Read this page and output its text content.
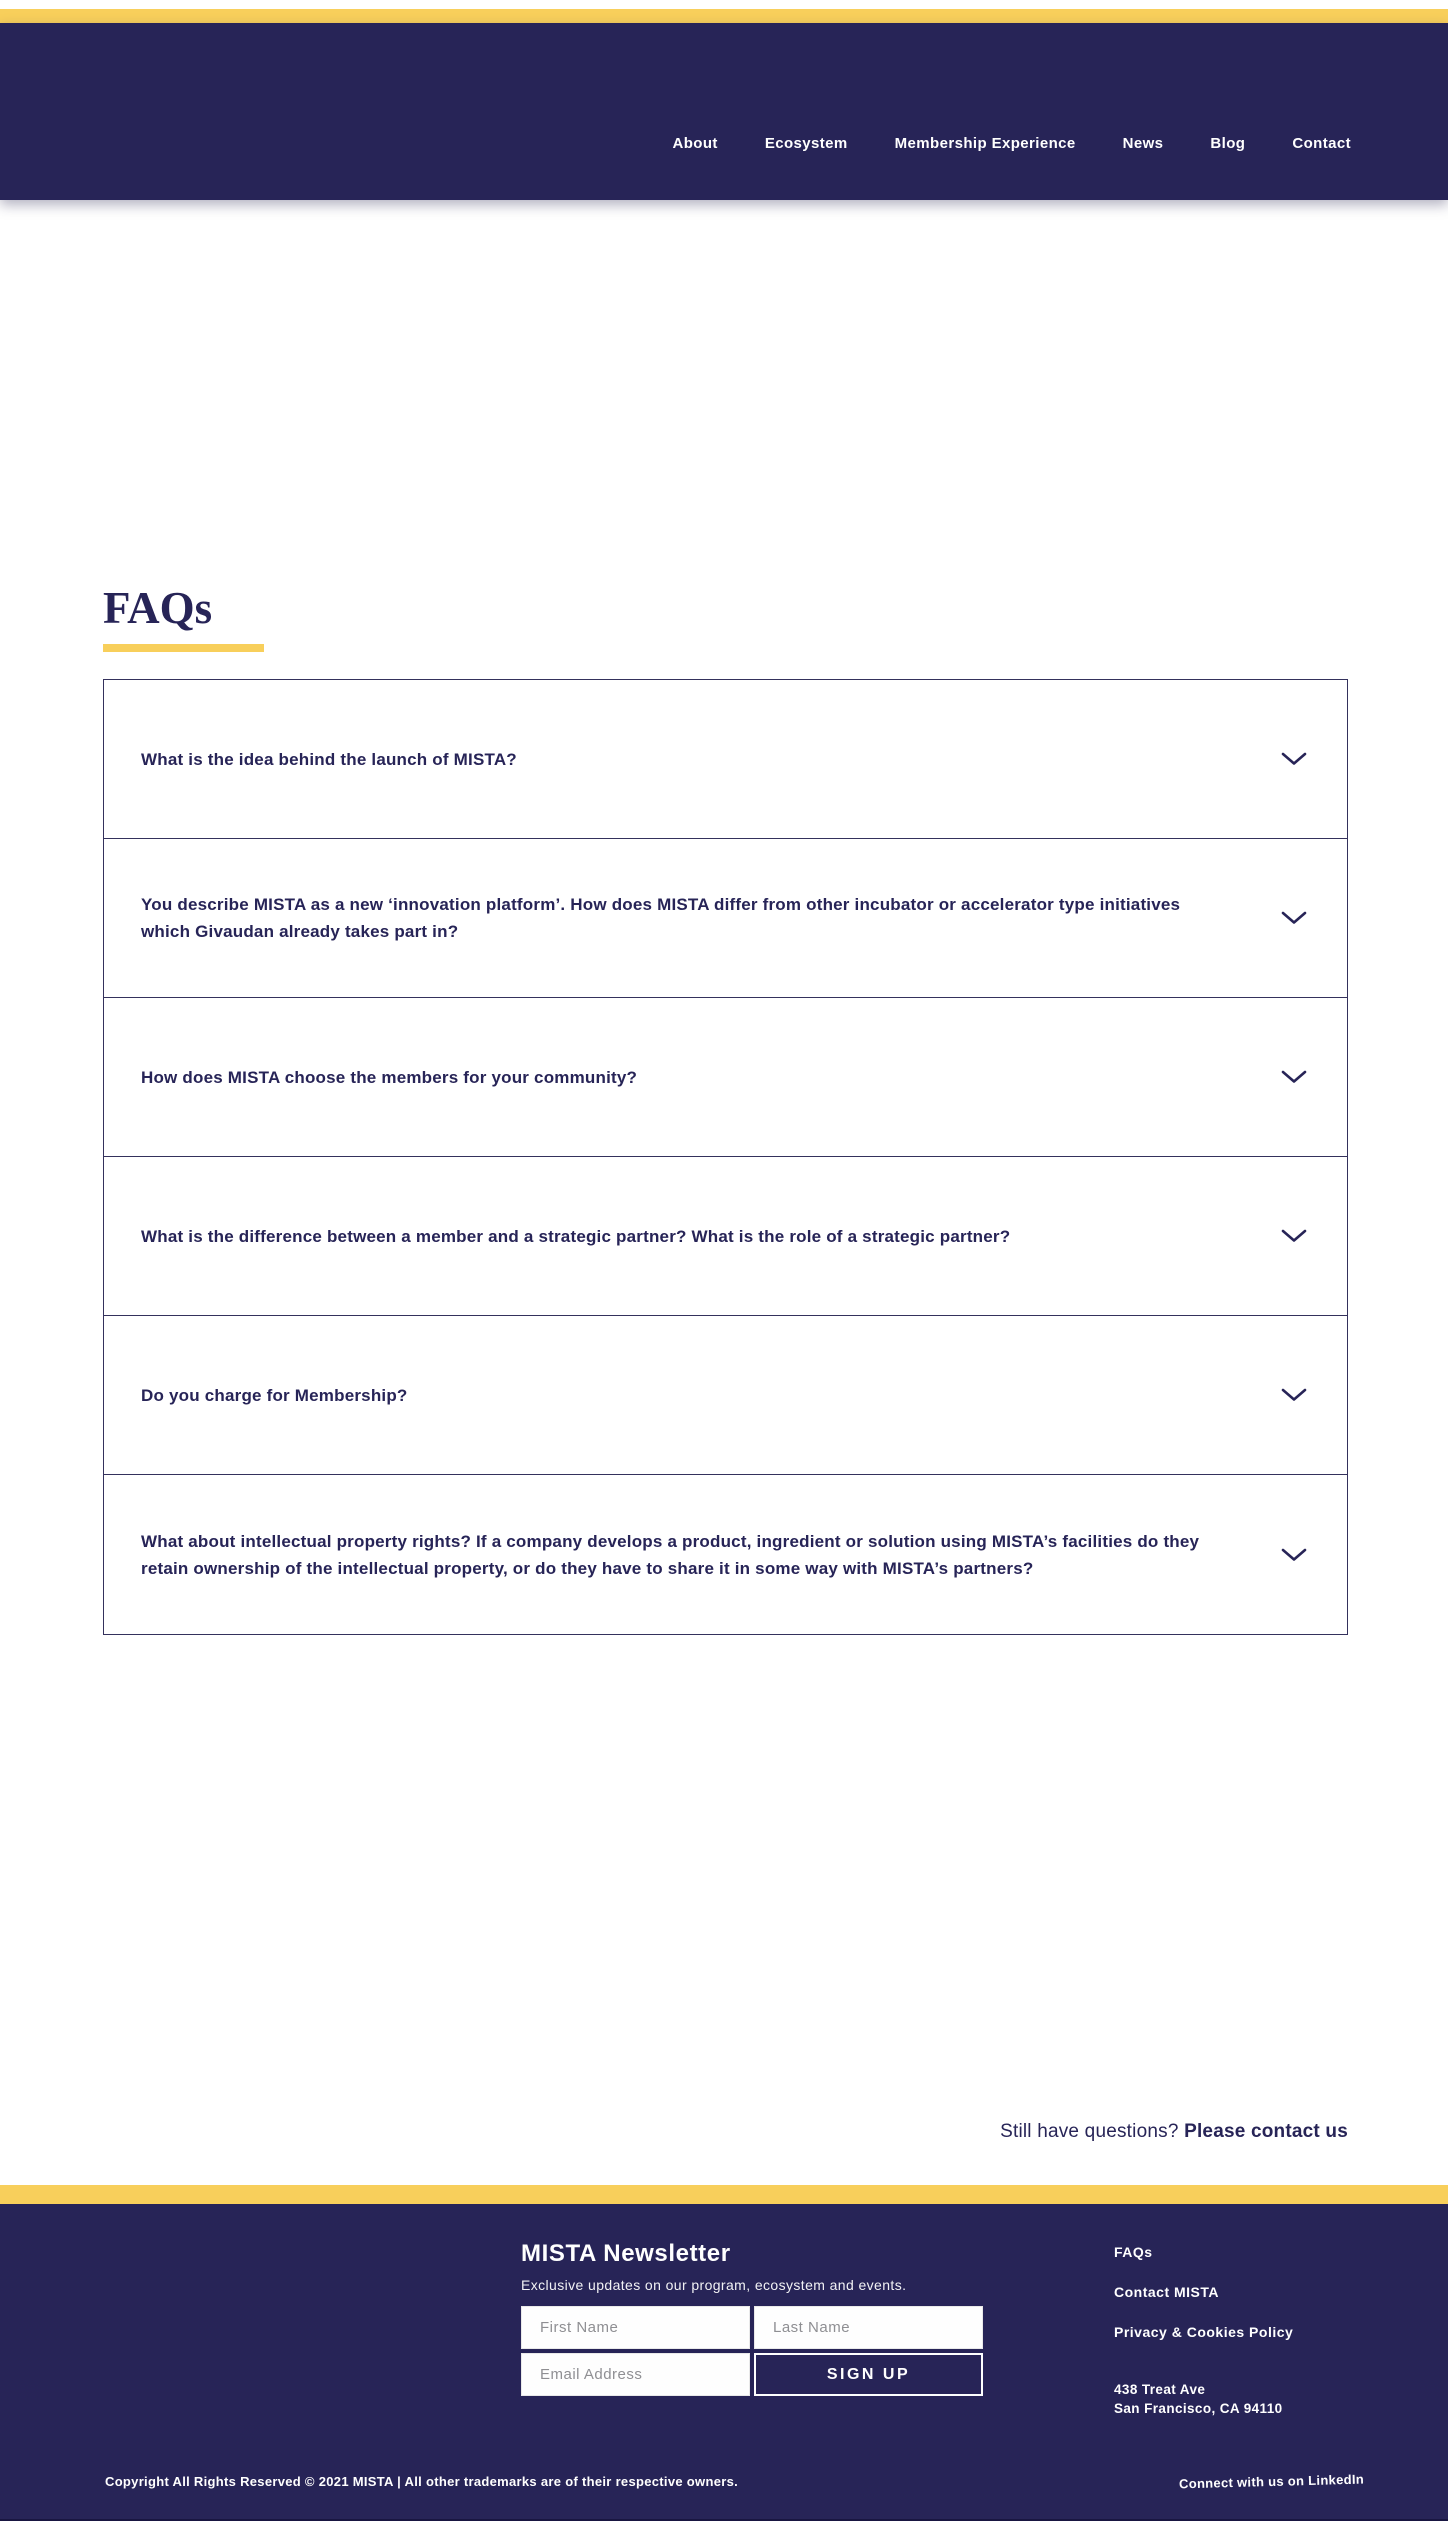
About	Ecosystem	Membership Experience	News	Blog	Contact
FAQs
What is the idea behind the launch of MISTA?
You describe MISTA as a new ‘innovation platform’. How does MISTA differ from other incubator or accelerator type initiatives which Givaudan already takes part in?
How does MISTA choose the members for your community?
What is the difference between a member and a strategic partner? What is the role of a strategic partner?
Do you charge for Membership?
What about intellectual property rights? If a company develops a product, ingredient or solution using MISTA’s facilities do they retain ownership of the intellectual property, or do they have to share it in some way with MISTA’s partners?
Still have questions? Please contact us
MISTA Newsletter

Exclusive updates on our program, ecosystem and events.

First Name
Last Name
Email Address
SIGN UP
FAQs
Contact MISTA
Privacy & Cookies Policy
438 Treat Ave
San Francisco, CA 94110
Copyright All Rights Reserved © 2021 MISTA | All other trademarks are of their respective owners.	Connect with us on LinkedIn
